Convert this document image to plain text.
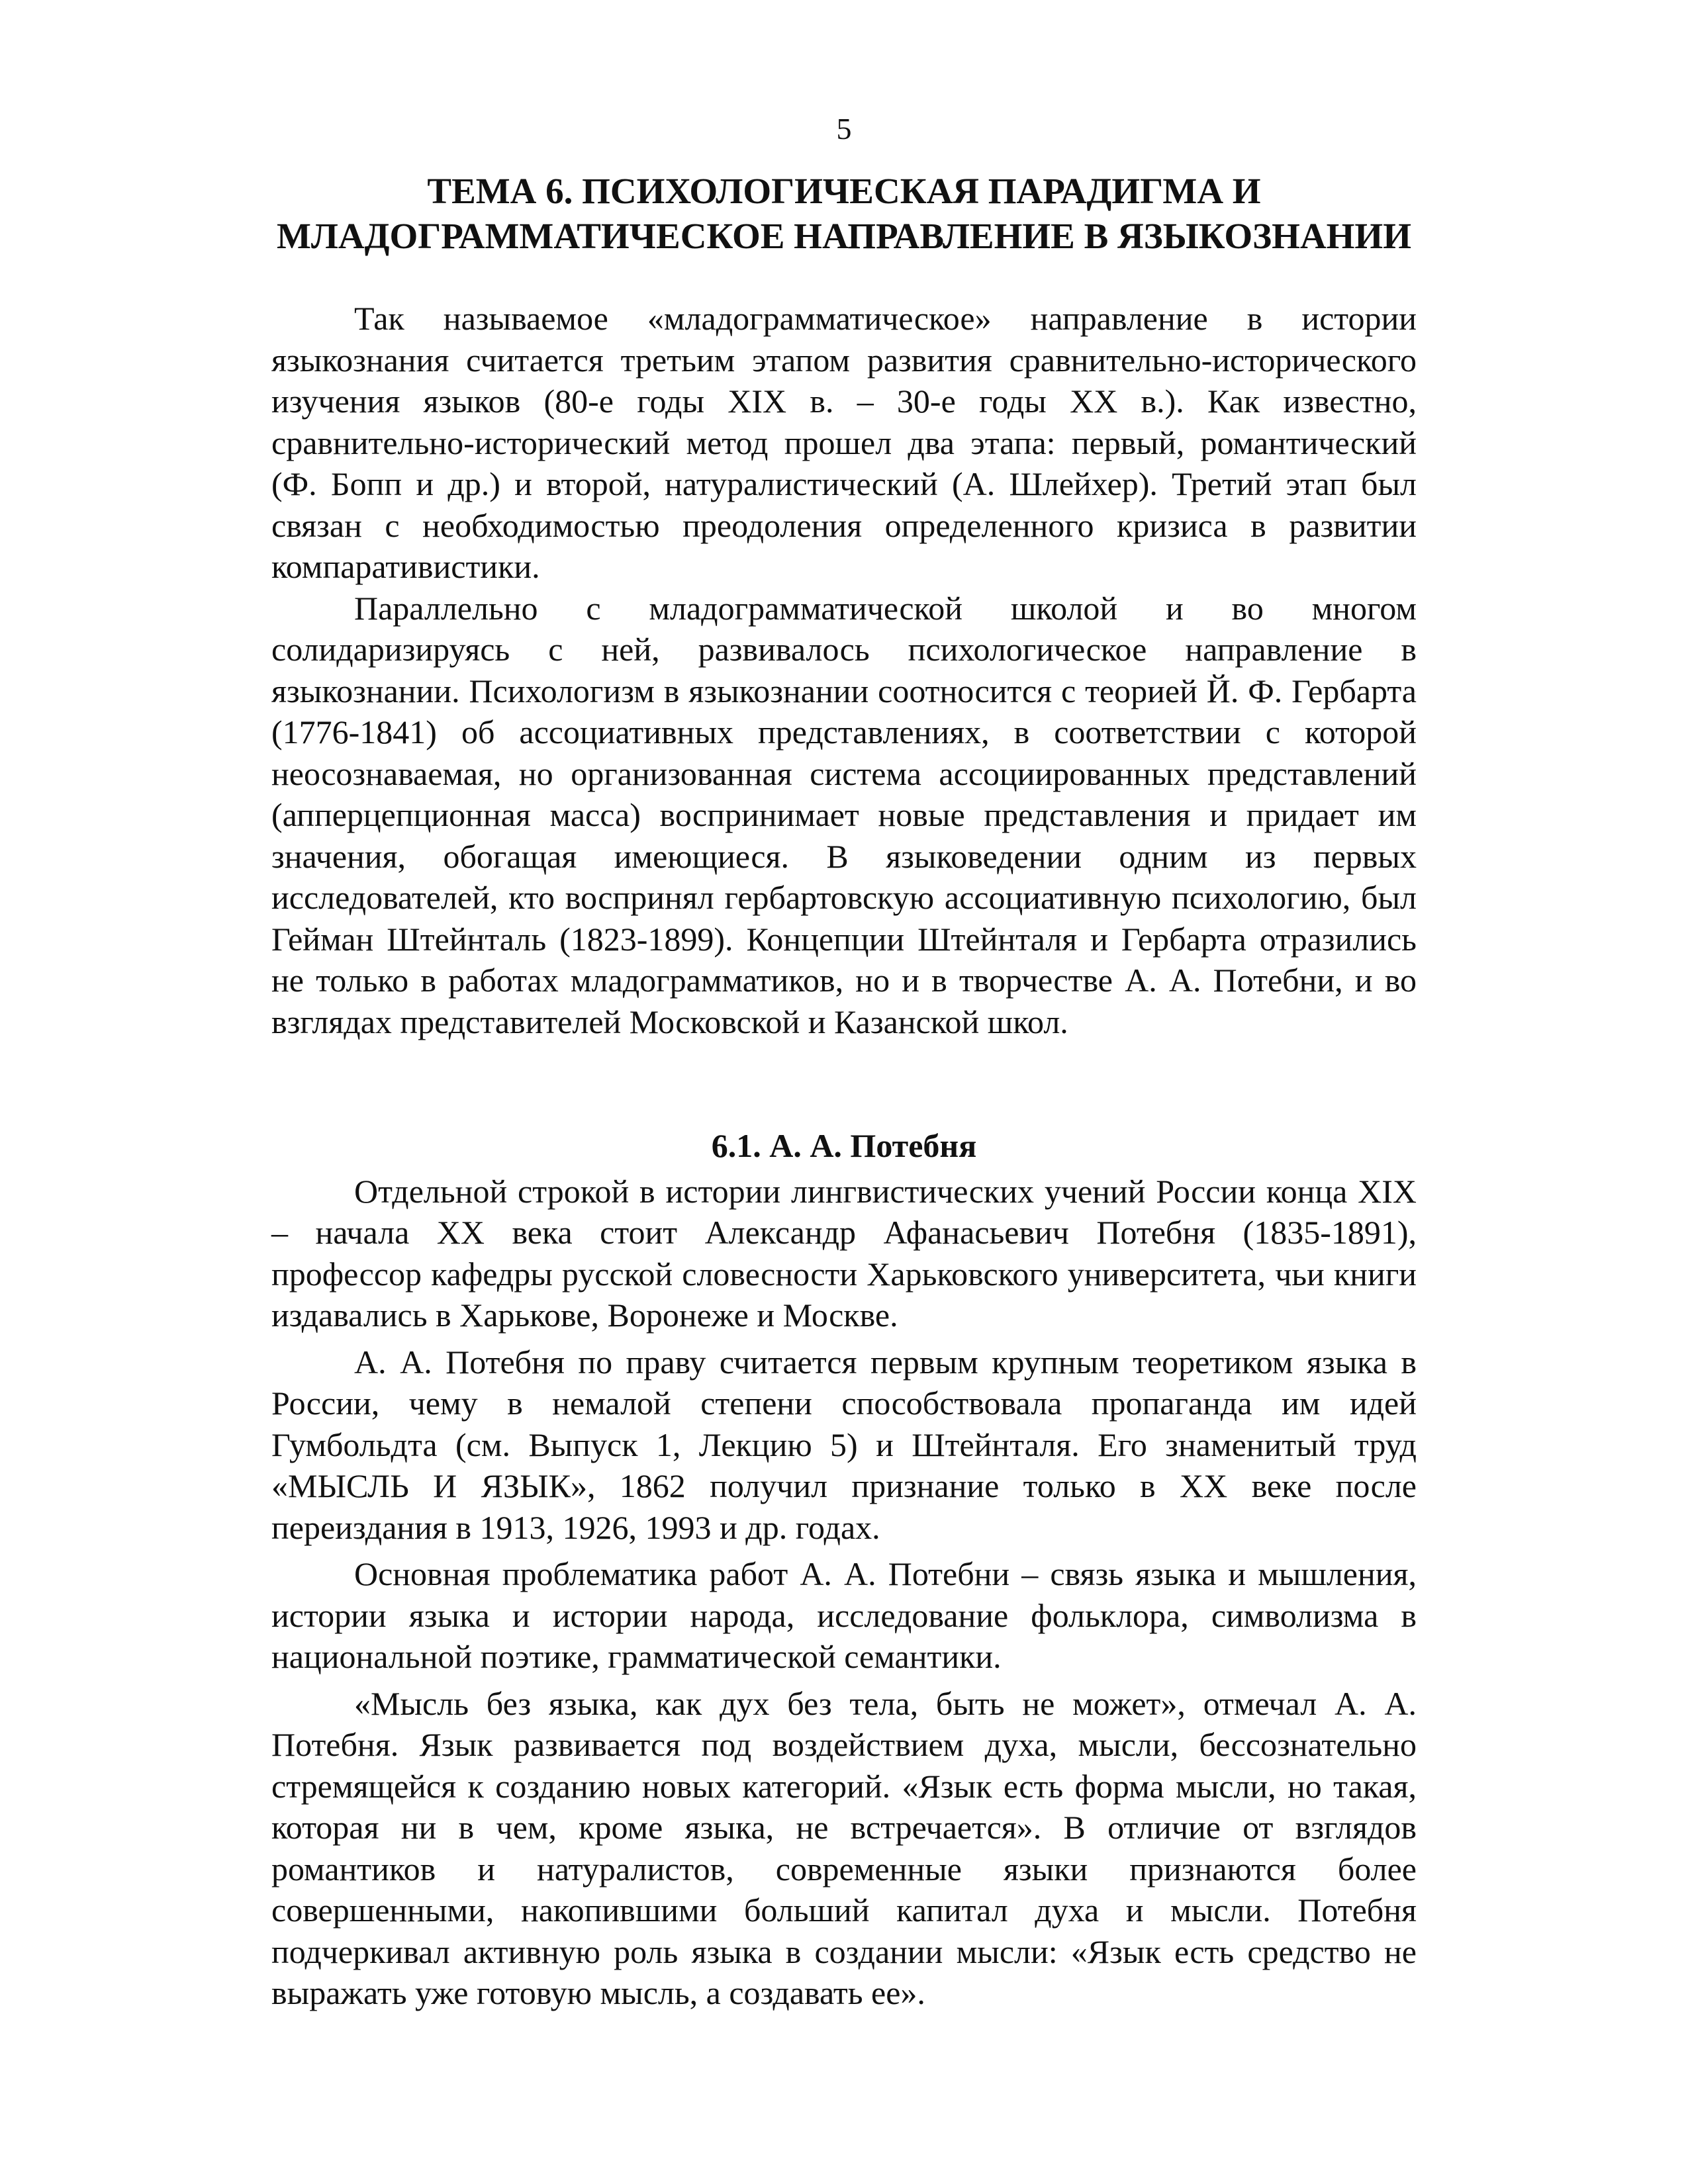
5
ТЕМА 6. ПСИХОЛОГИЧЕСКАЯ ПАРАДИГМА И
МЛАДОГРАММАТИЧЕСКОЕ НАПРАВЛЕНИЕ В ЯЗЫКОЗНАНИИ

Так называемое «младограмматическое» направление в истории языкознания считается третьим этапом развития сравнительно-исторического изучения языков (80-е годы XIX в. – 30-е годы XX в.). Как известно, сравнительно-исторический метод прошел два этапа: первый, романтический (Ф. Бопп и др.) и второй, натуралистический (А. Шлейхер). Третий этап был связан с необходимостью преодоления определенного кризиса в развитии компаративистики.

Параллельно с младограмматической школой и во многом солидаризируясь с ней, развивалось психологическое направление в языкознании. Психологизм в языкознании соотносится с теорией Й. Ф. Гербарта (1776-1841) об ассоциативных представлениях, в соответствии с которой неосознаваемая, но организованная система ассоциированных представлений (апперцепционная масса) воспринимает новые представления и придает им значения, обогащая имеющиеся. В языковедении одним из первых исследователей, кто воспринял гербартовскую ассоциативную психологию, был Гейман Штейнталь (1823-1899). Концепции Штейнталя и Гербарта отразились не только в работах младограмматиков, но и в творчестве А. А. Потебни, и во взглядах представителей Московской и Казанской школ.

6.1. А. А. Потебня

Отдельной строкой в истории лингвистических учений России конца XIX – начала XX века стоит Александр Афанасьевич Потебня (1835-1891), профессор кафедры русской словесности Харьковского университета, чьи книги издавались в Харькове, Воронеже и Москве.

А. А. Потебня по праву считается первым крупным теоретиком языка в России, чему в немалой степени способствовала пропаганда им идей Гумбольдта (см. Выпуск 1, Лекцию 5) и Штейнталя. Его знаменитый труд «МЫСЛЬ И ЯЗЫК», 1862 получил признание только в XX веке после переиздания в 1913, 1926, 1993 и др. годах.

Основная проблематика работ А. А. Потебни – связь языка и мышления, истории языка и истории народа, исследование фольклора, символизма в национальной поэтике, грамматической семантики.

«Мысль без языка, как дух без тела, быть не может», отмечал А. А. Потебня. Язык развивается под воздействием духа, мысли, бессознательно стремящейся к созданию новых категорий. «Язык есть форма мысли, но такая, которая ни в чем, кроме языка, не встречается». В отличие от взглядов романтиков и натуралистов, современные языки признаются более совершенными, накопившими больший капитал духа и мысли. Потебня подчеркивал активную роль языка в создании мысли: «Язык есть средство не выражать уже готовую мысль, а создавать ее».
